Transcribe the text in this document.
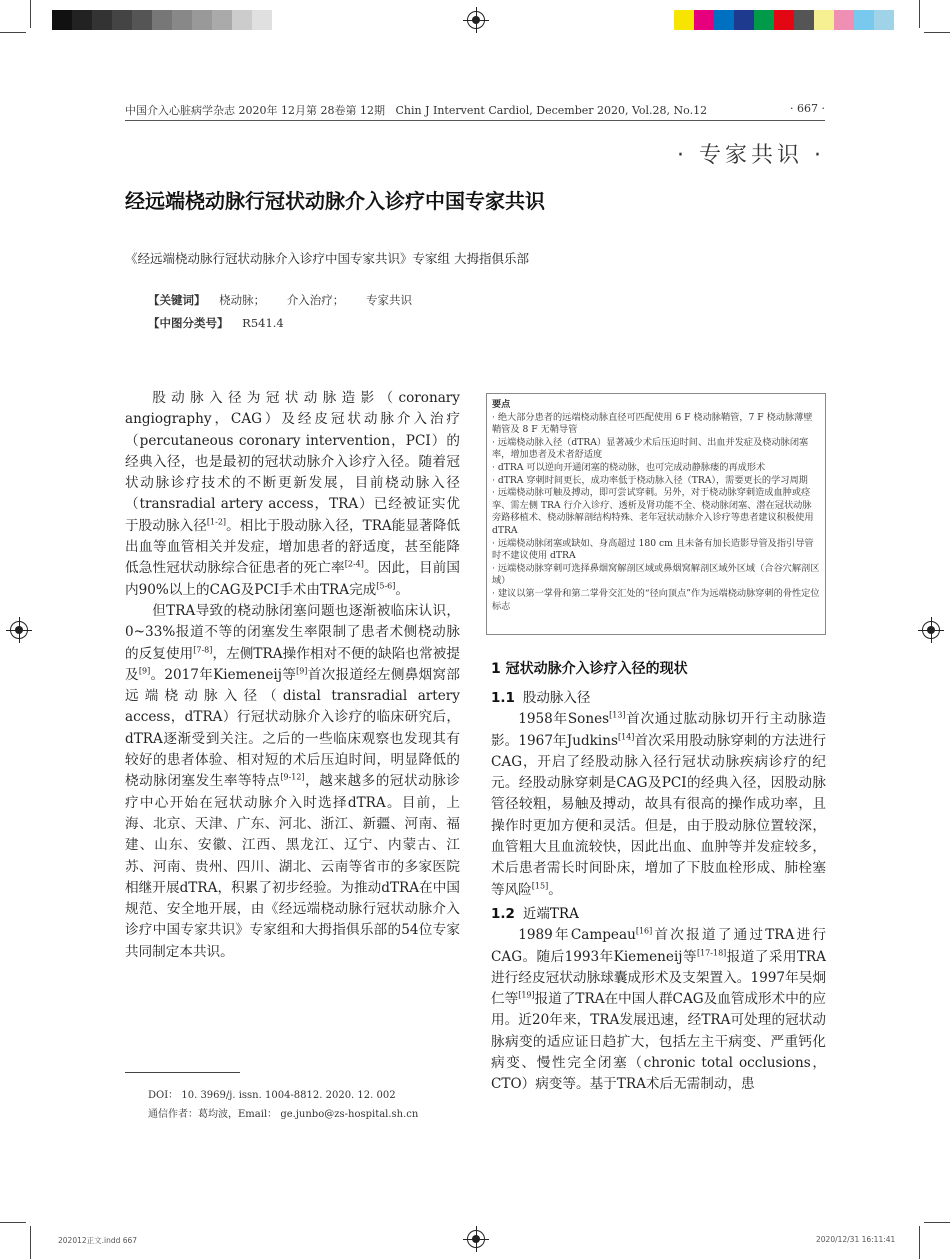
中国介入心脏病学杂志 2020年 12月第 28卷第 12期 Chin J Intervent Cardiol, December 2020, Vol.28, No.12	· 667 ·
· 专家共识 ·
经远端桡动脉行冠状动脉介入诊疗中国专家共识
《经远端桡动脉行冠状动脉介入诊疗中国专家共识》专家组 大拇指俱乐部
【关键词】 桡动脉； 介入治疗； 专家共识
【中图分类号】 R541.4

股动脉入径为冠状动脉造影（coronary angiography，CAG）及经皮冠状动脉介入治疗（percutaneous coronary intervention，PCI）的经典入径，也是最初的冠状动脉介入诊疗入径。随着冠状动脉诊疗技术的不断更新发展，目前桡动脉入径（transradial artery access，TRA）已经被证实优于股动脉入径[1-2]。相比于股动脉入径，TRA能显著降低出血等血管相关并发症，增加患者的舒适度，甚至能降低急性冠状动脉综合征患者的死亡率[2-4]。因此，目前国内90%以上的CAG及PCI手术由TRA完成[5-6]。

但TRA导致的桡动脉闭塞问题也逐渐被临床认识，0~33%报道不等的闭塞发生率限制了患者术侧桡动脉的反复使用[7-8]，左侧TRA操作相对不便的缺陷也常被提及[9]。2017年Kiemeneij等[9]首次报道经左侧鼻烟窝部远端桡动脉入径（distal transradial artery access，dTRA）行冠状动脉介入诊疗的临床研究后，dTRA逐渐受到关注。之后的一些临床观察也发现其有较好的患者体验、相对短的术后压迫时间，明显降低的桡动脉闭塞发生率等特点[9-12]，越来越多的冠状动脉诊疗中心开始在冠状动脉介入时选择dTRA。目前，上海、北京、天津、广东、河北、浙江、新疆、河南、福建、山东、安徽、江西、黑龙江、辽宁、内蒙古、江苏、河南、贵州、四川、湖北、云南等省市的多家医院相继开展dTRA，积累了初步经验。为推动dTRA在中国规范、安全地开展，由《经远端桡动脉行冠状动脉介入诊疗中国专家共识》专家组和大拇指俱乐部的54位专家共同制定本共识。

要点
· 绝大部分患者的远端桡动脉直径可匹配使用 6 F 桡动脉鞘管，7 F 桡动脉薄壁鞘管及 8 F 无鞘导管
· 远端桡动脉入径（dTRA）显著减少术后压迫时间、出血并发症及桡动脉闭塞率，增加患者及术者舒适度
· dTRA 可以逆向开通闭塞的桡动脉，也可完成动静脉瘘的再成形术
· dTRA 穿刺时间更长，成功率低于桡动脉入径（TRA），需要更长的学习周期
· 远端桡动脉可触及搏动，即可尝试穿刺。另外，对于桡动脉穿刺造成血肿或痉挛、需左侧 TRA 行介入诊疗、透析及肾功能不全、桡动脉闭塞、潜在冠状动脉旁路移植术、桡动脉解剖结构特殊、老年冠状动脉介入诊疗等患者建议积极使用 dTRA
· 远端桡动脉闭塞或缺如、身高超过 180 cm 且未备有加长造影导管及指引导管时不建议使用 dTRA
· 远端桡动脉穿刺可选择鼻烟窝解剖区域或鼻烟窝解剖区域外区域（合谷穴解剖区域）
· 建议以第一掌骨和第二掌骨交汇处的“径向顶点”作为远端桡动脉穿刺的骨性定位标志
1 冠状动脉介入诊疗入径的现状
1.1 股动脉入径

1958年Sones[13]首次通过肱动脉切开行主动脉造影。1967年Judkins[14]首次采用股动脉穿刺的方法进行CAG，开启了经股动脉入径行冠状动脉疾病诊疗的纪元。经股动脉穿刺是CAG及PCI的经典入径，因股动脉管径较粗，易触及搏动，故具有很高的操作成功率，且操作时更加方便和灵活。但是，由于股动脉位置较深，血管粗大且血流较快，因此出血、血肿等并发症较多，术后患者需长时间卧床，增加了下肢血栓形成、肺栓塞等风险[15]。

1.2 近端TRA

1989年Campeau[16]首次报道了通过TRA进行CAG。随后1993年Kiemeneij等[17-18]报道了采用TRA进行经皮冠状动脉球囊成形术及支架置入。1997年吴炯仁等[19]报道了TRA在中国人群CAG及血管成形术中的应用。近20年来，TRA发展迅速，经TRA可处理的冠状动脉病变的适应证日趋扩大，包括左主干病变、严重钙化病变、慢性完全闭塞（chronic total occlusions，CTO）病变等。基于TRA术后无需制动，患

DOI： 10. 3969/j. issn. 1004-8812. 2020. 12. 002
通信作者：葛均波，Email： ge.junbo@zs-hospital.sh.cn
202012正文.indd 667	2020/12/31 16:11:41
